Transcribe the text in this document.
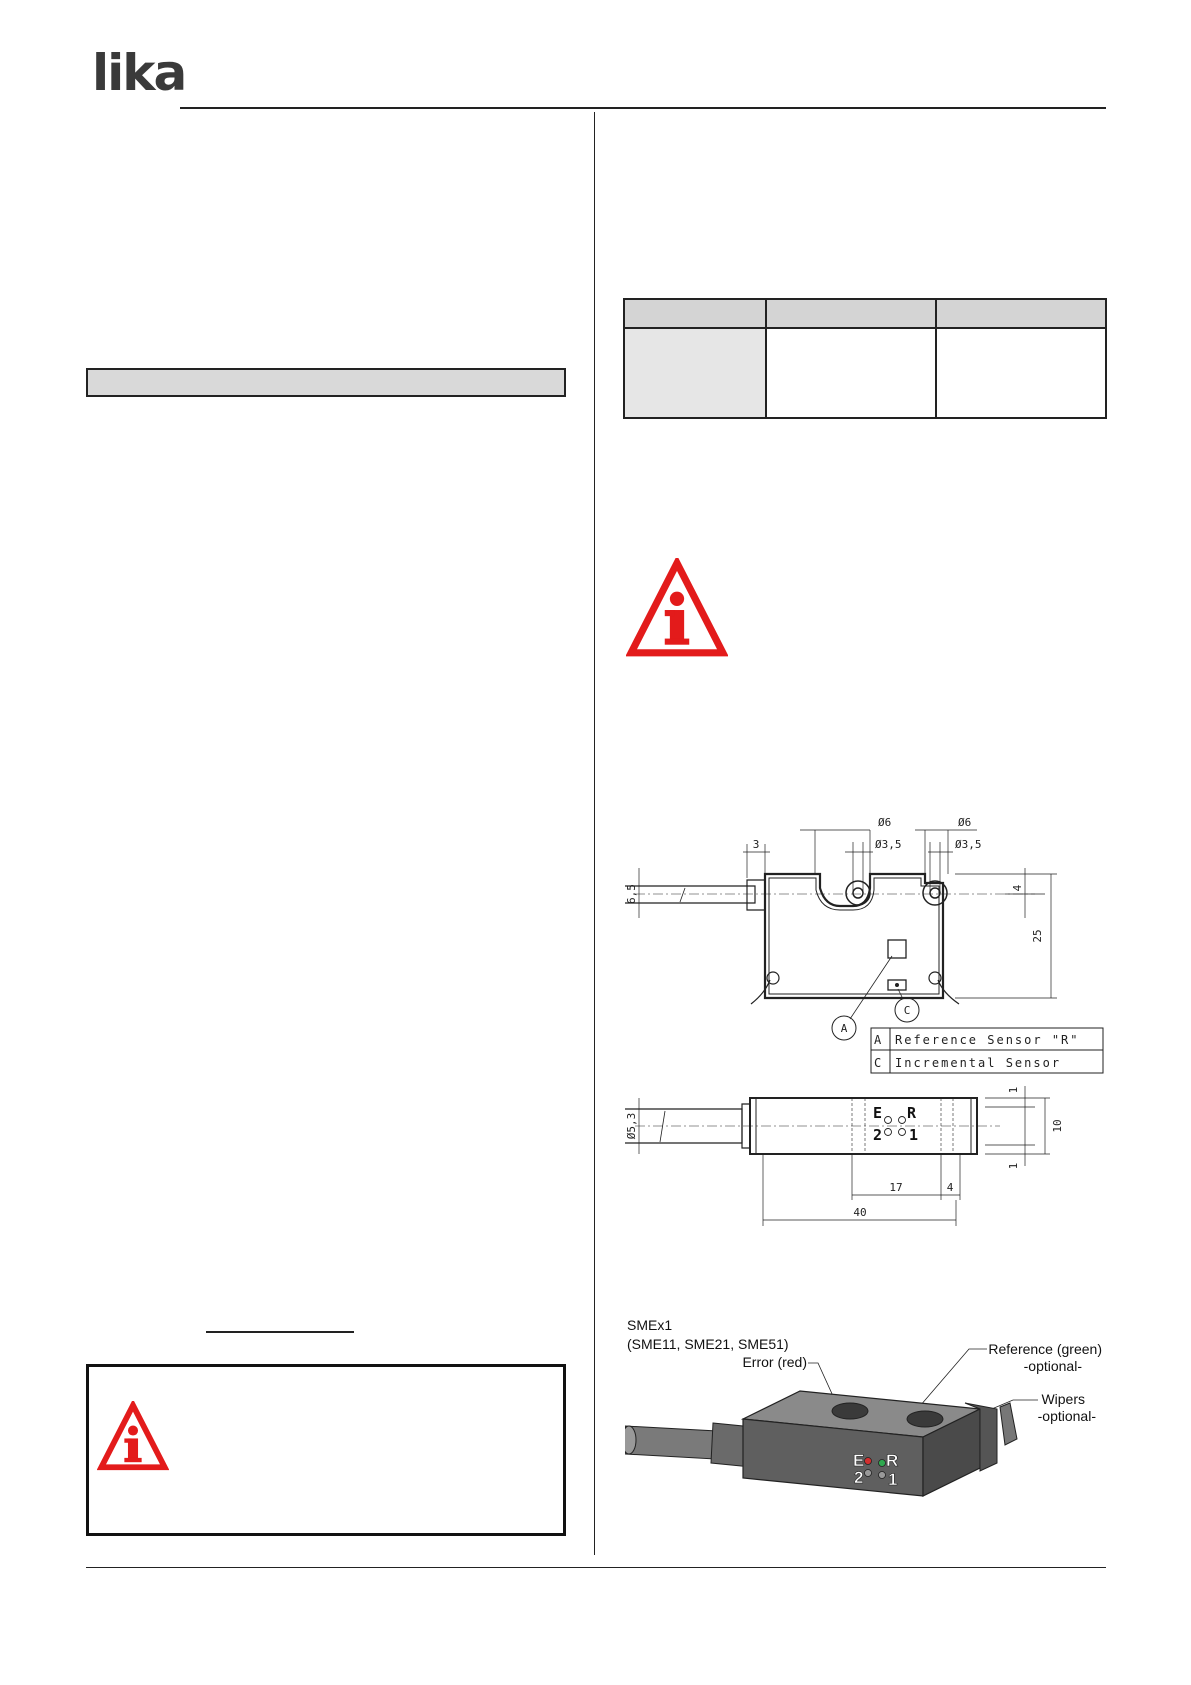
lika

A
C
A Reference Sensor "R"
C Incremental Sensor
Ø6
Ø3,5
Ø6
Ø3,5
3
6,5	4
25
E R
2 1
Ø5,3
1
10
1
17	4
40
SMEx1
(SME11, SME21, SME51)
Error (red)
Reference (green)
-optional-
Wipers
-optional-
E R
2 1
